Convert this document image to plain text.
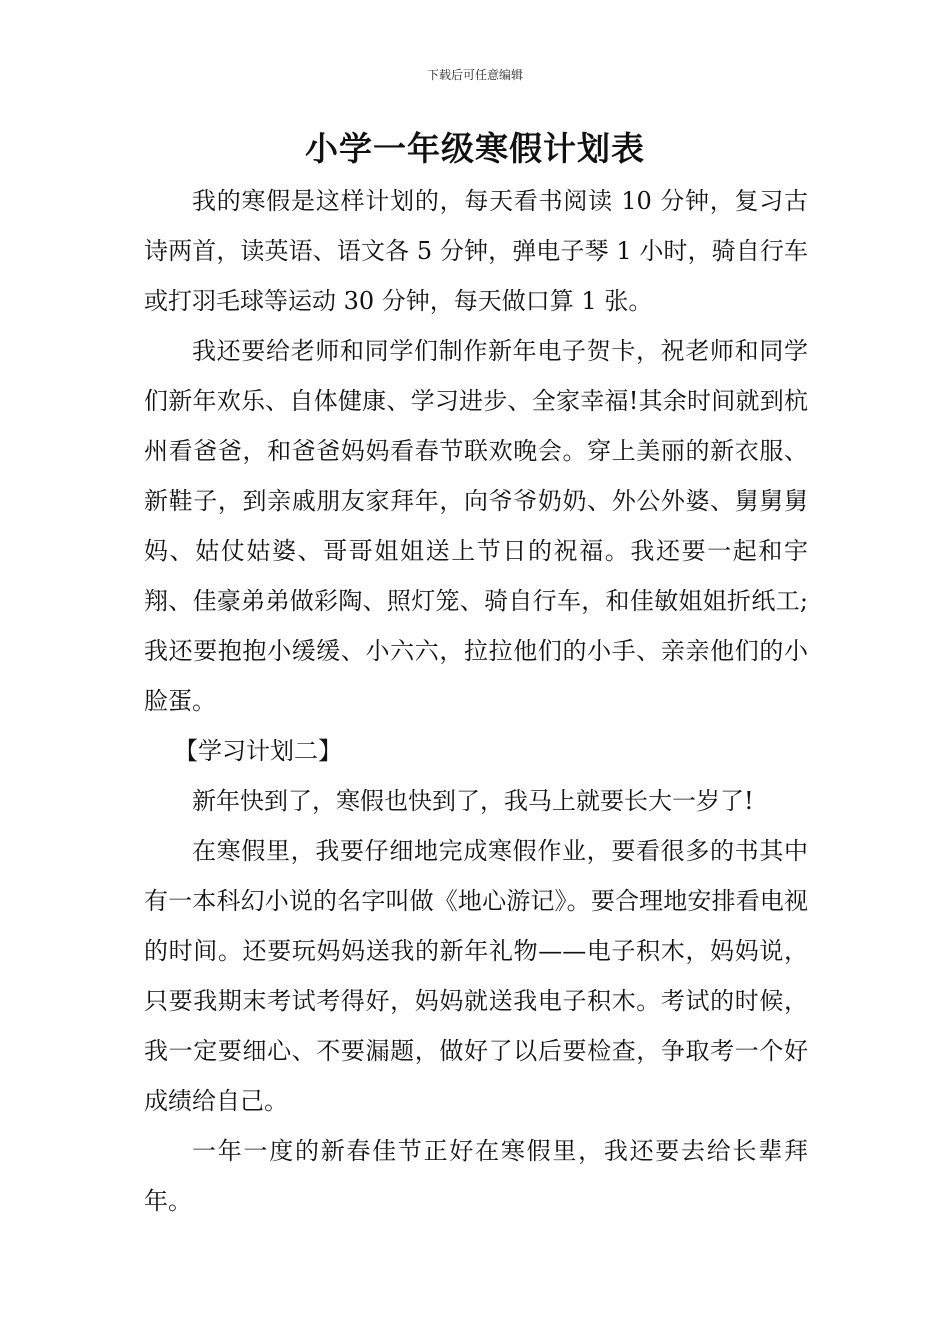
下载后可任意编辑
小学一年级寒假计划表

我的寒假是这样计划的，每天看书阅读 10 分钟，复习古诗两首，读英语、语文各 5 分钟，弹电子琴 1 小时，骑自行车或打羽毛球等运动 30 分钟，每天做口算 1 张。

我还要给老师和同学们制作新年电子贺卡，祝老师和同学们新年欢乐、自体健康、学习进步、全家幸福!其余时间就到杭州看爸爸，和爸爸妈妈看春节联欢晚会。穿上美丽的新衣服、新鞋子，到亲戚朋友家拜年，向爷爷奶奶、外公外婆、舅舅舅妈、姑仗姑婆、哥哥姐姐送上节日的祝福。我还要一起和宇翔、佳豪弟弟做彩陶、照灯笼、骑自行车，和佳敏姐姐折纸工;我还要抱抱小缓缓、小六六，拉拉他们的小手、亲亲他们的小脸蛋。

【学习计划二】

新年快到了，寒假也快到了，我马上就要长大一岁了!

在寒假里，我要仔细地完成寒假作业，要看很多的书其中有一本科幻小说的名字叫做《地心游记》。要合理地安排看电视的时间。还要玩妈妈送我的新年礼物——电子积木，妈妈说，只要我期末考试考得好，妈妈就送我电子积木。考试的时候，我一定要细心、不要漏题，做好了以后要检查，争取考一个好成绩给自己。

一年一度的新春佳节正好在寒假里，我还要去给长辈拜年。
